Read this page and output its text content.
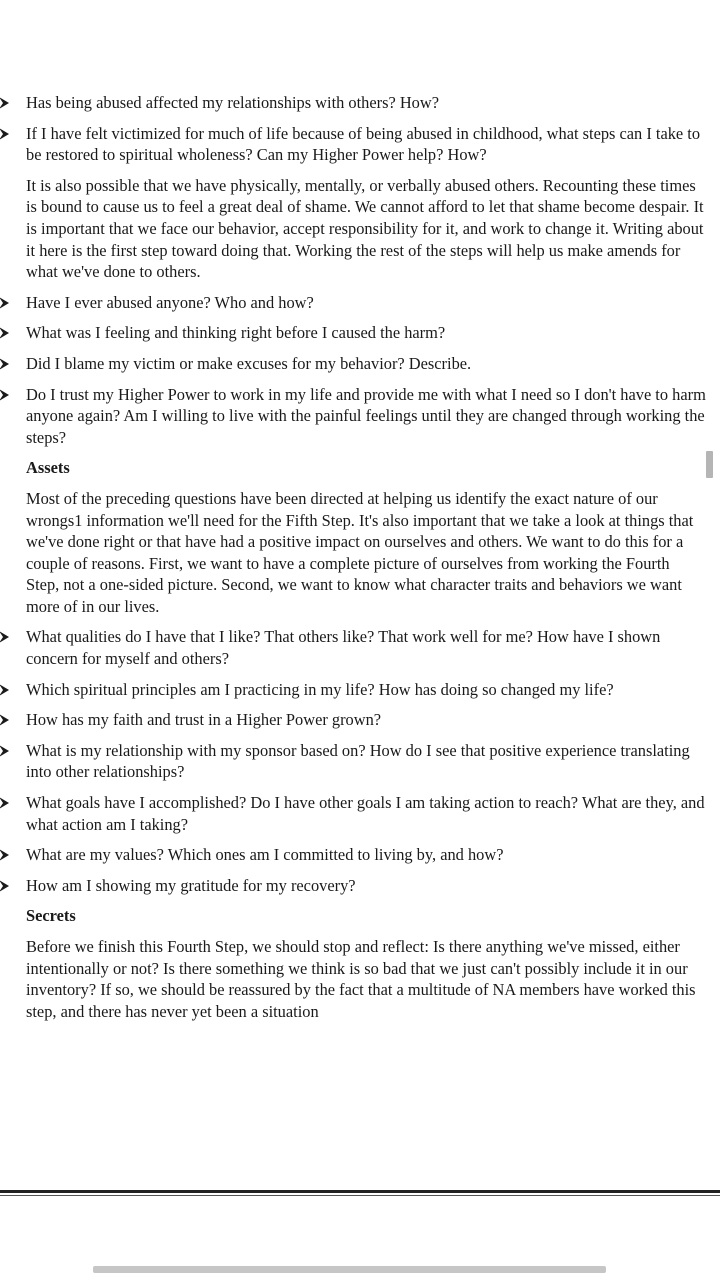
Has being abused affected my relationships with others? How?
If I have felt victimized for much of life because of being abused in childhood, what steps can I take to be restored to spiritual wholeness? Can my Higher Power help? How?
It is also possible that we have physically, mentally, or verbally abused others. Recounting these times is bound to cause us to feel a great deal of shame. We cannot afford to let that shame become despair. It is important that we face our behavior, accept responsibility for it, and work to change it. Writing about it here is the first step toward doing that. Working the rest of the steps will help us make amends for what we've done to others.
Have I ever abused anyone? Who and how?
What was I feeling and thinking right before I caused the harm?
Did I blame my victim or make excuses for my behavior? Describe.
Do I trust my Higher Power to work in my life and provide me with what I need so I don't have to harm anyone again? Am I willing to live with the painful feelings until they are changed through working the steps?
Assets
Most of the preceding questions have been directed at helping us identify the exact nature of our wrongs1 information we'll need for the Fifth Step. It's also important that we take a look at things that we've done right or that have had a positive impact on ourselves and others. We want to do this for a couple of reasons. First, we want to have a complete picture of ourselves from working the Fourth Step, not a one-sided picture. Second, we want to know what character traits and behaviors we want more of in our lives.
What qualities do I have that I like? That others like? That work well for me? How have I shown concern for myself and others?
Which spiritual principles am I practicing in my life? How has doing so changed my life?
How has my faith and trust in a Higher Power grown?
What is my relationship with my sponsor based on? How do I see that positive experience translating into other relationships?
What goals have I accomplished? Do I have other goals I am taking action to reach? What are they, and what action am I taking?
What are my values? Which ones am I committed to living by, and how?
How am I showing my gratitude for my recovery?
Secrets
Before we finish this Fourth Step, we should stop and reflect: Is there anything we've missed, either intentionally or not? Is there something we think is so bad that we just can't possibly include it in our inventory? If so, we should be reassured by the fact that a multitude of NA members have worked this step, and there has never yet been a situation
